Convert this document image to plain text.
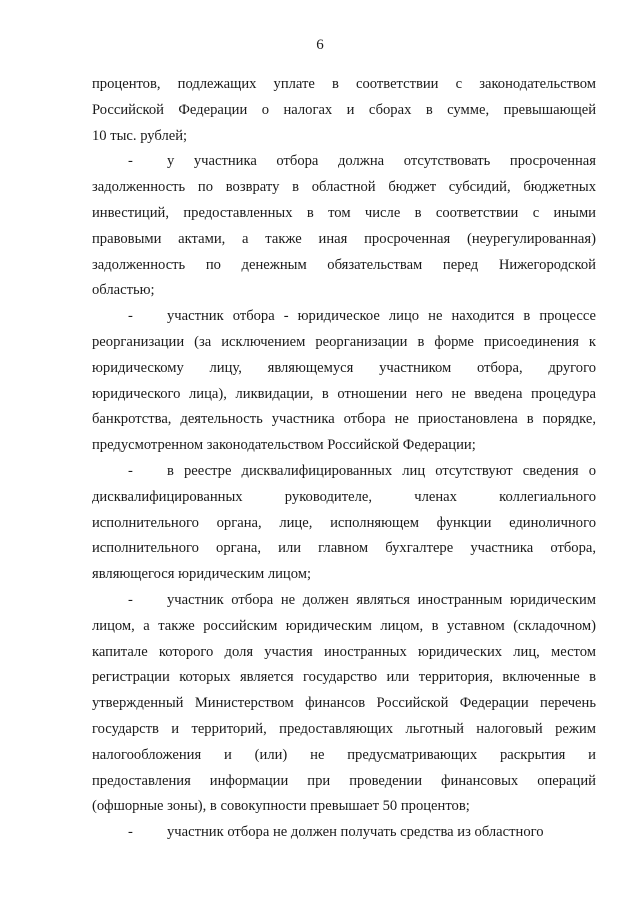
6
процентов, подлежащих уплате в соответствии с законодательством
Российской Федерации о налогах и сборах в сумме, превышающей
10 тыс. рублей;
- у участника отбора должна отсутствовать просроченная
задолженность по возврату в областной бюджет субсидий, бюджетных
инвестиций, предоставленных в том числе в соответствии с иными
правовыми актами, а также иная просроченная (неурегулированная)
задолженность по денежным обязательствам перед Нижегородской
областью;
- участник отбора - юридическое лицо не находится в процессе
реорганизации (за исключением реорганизации в форме присоединения к
юридическому лицу, являющемуся участником отбора, другого
юридического лица), ликвидации, в отношении него не введена процедура
банкротства, деятельность участника отбора не приостановлена в порядке,
предусмотренном законодательством Российской Федерации;
- в реестре дисквалифицированных лиц отсутствуют сведения о
дисквалифицированных руководителе, членах коллегиального
исполнительного органа, лице, исполняющем функции единоличного
исполнительного органа, или главном бухгалтере участника отбора,
являющегося юридическим лицом;
- участник отбора не должен являться иностранным юридическим
лицом, а также российским юридическим лицом, в уставном (складочном)
капитале которого доля участия иностранных юридических лиц, местом
регистрации которых является государство или территория, включенные в
утвержденный Министерством финансов Российской Федерации перечень
государств и территорий, предоставляющих льготный налоговый режим
налогообложения и (или) не предусматривающих раскрытия и
предоставления информации при проведении финансовых операций
(офшорные зоны), в совокупности превышает 50 процентов;
- участник отбора не должен получать средства из областного
